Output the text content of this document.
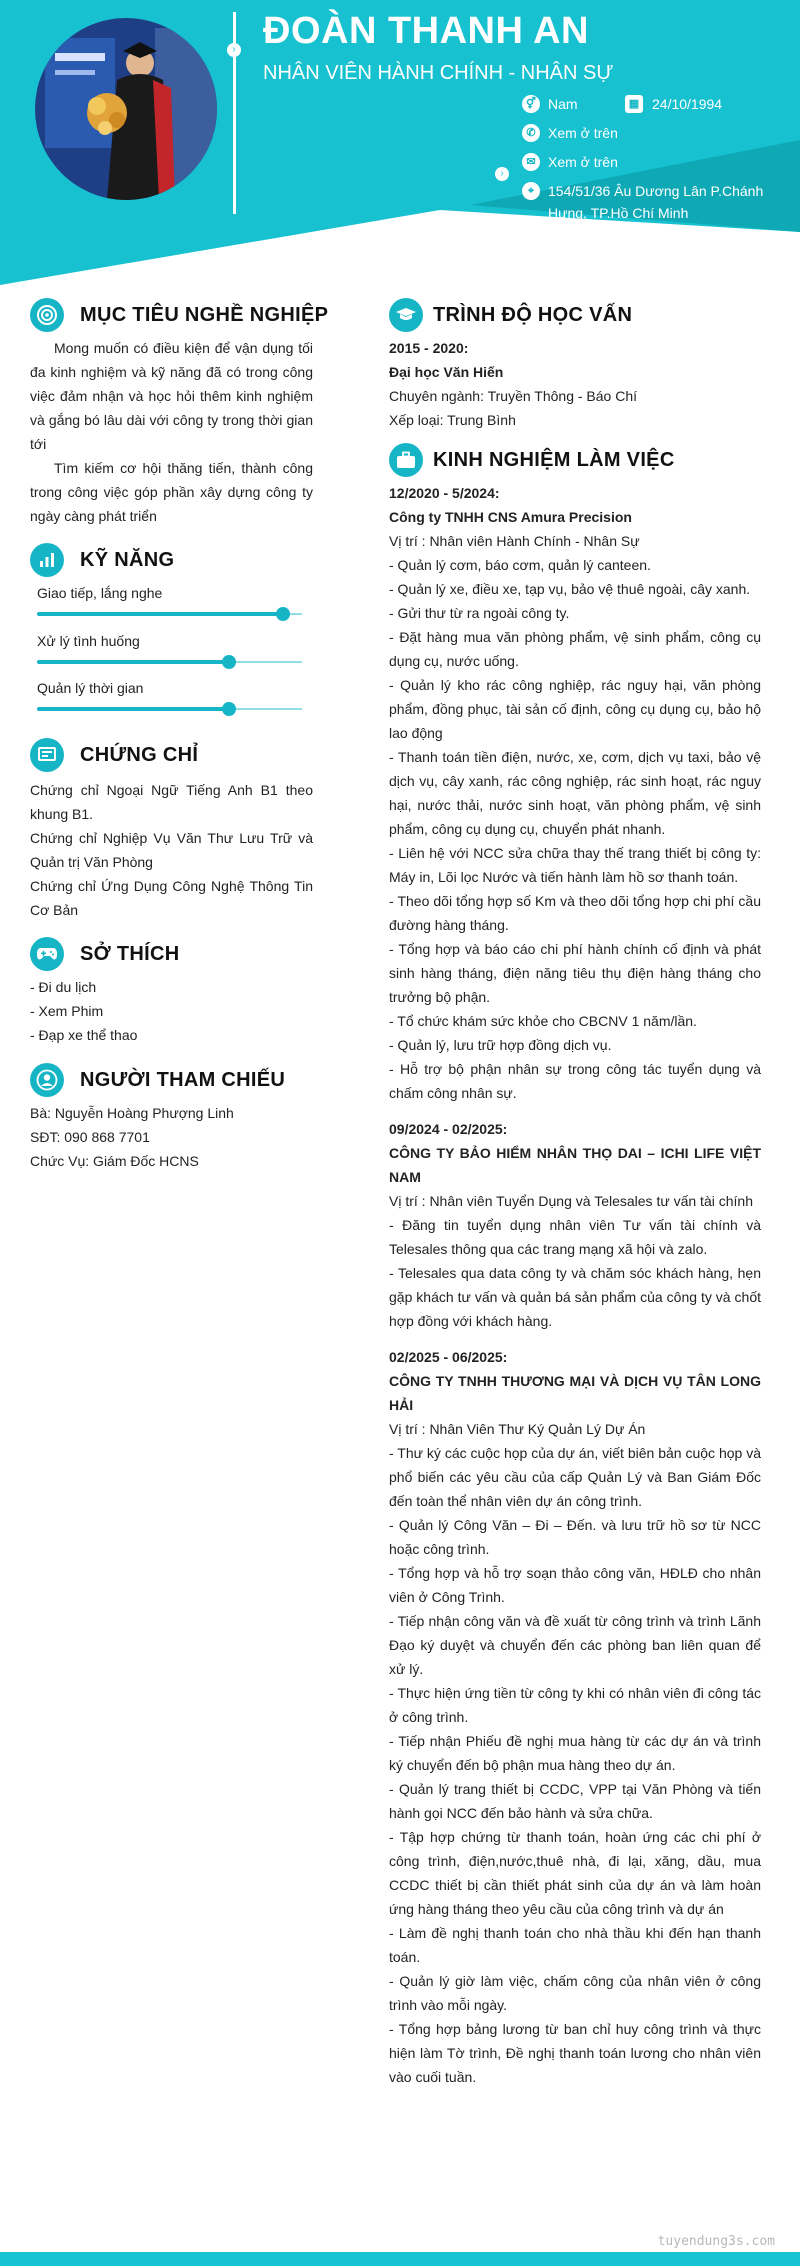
›
›
ĐOÀN THANH AN
NHÂN VIÊN HÀNH CHÍNH - NHÂN SỰ
⚥ Nam	▦ 24/10/1994
✆ Xem ở trên
✉ Xem ở trên
⌖ 154/51/36 Âu Dương Lân P.Chánh
Hưng, TP.Hồ Chí Minh
MỤC TIÊU NGHỀ NGHIỆP

Mong muốn có điều kiện để vận dụng tối đa kinh nghiệm và kỹ năng đã có trong công việc đảm nhận và học hỏi thêm kinh nghiệm và gắng bó lâu dài với công ty trong thời gian tới

Tìm kiếm cơ hội thăng tiến, thành công trong công việc góp phần xây dựng công ty ngày càng phát triển

KỸ NĂNG
Giao tiếp, lắng nghe
Xử lý tình huống
Quản lý thời gian
CHỨNG CHỈ

Chứng chỉ Ngoại Ngữ Tiếng Anh B1 theo khung B1.

Chứng chỉ Nghiệp Vụ Văn Thư Lưu Trữ và Quản trị Văn Phòng

Chứng chỉ Ứng Dụng Công Nghệ Thông Tin Cơ Bản

SỞ THÍCH

- Đi du lịch

- Xem Phim

- Đạp xe thể thao

NGƯỜI THAM CHIẾU

Bà: Nguyễn Hoàng Phượng Linh

SĐT: 090 868 7701

Chức Vụ: Giám Đốc HCNS

TRÌNH ĐỘ HỌC VẤN

2015 - 2020:

Đại học Văn Hiến

Chuyên ngành: Truyền Thông - Báo Chí

Xếp loại: Trung Bình

KINH NGHIỆM LÀM VIỆC

12/2020 - 5/2024:

Công ty TNHH CNS Amura Precision

Vị trí : Nhân viên Hành Chính - Nhân Sự

- Quản lý cơm, báo cơm, quản lý canteen.

- Quản lý xe, điều xe, tạp vụ, bảo vệ thuê ngoài, cây xanh.

- Gửi thư từ ra ngoài công ty.

- Đặt hàng mua văn phòng phẩm, vệ sinh phẩm, công cụ dụng cụ, nước uống.

- Quản lý kho rác công nghiệp, rác nguy hại, văn phòng phẩm, đồng phục, tài sản cố định, công cụ dụng cụ, bảo hộ lao động

- Thanh toán tiền điện, nước, xe, cơm, dịch vụ taxi, bảo vệ dịch vụ, cây xanh, rác công nghiệp, rác sinh hoạt, rác nguy hại, nước thải, nước sinh hoạt, văn phòng phẩm, vệ sinh phẩm, công cụ dụng cụ, chuyển phát nhanh.

- Liên hệ với NCC sửa chữa thay thế trang thiết bị công ty: Máy in, Lõi lọc Nước và tiến hành làm hồ sơ thanh toán.

- Theo dõi tổng hợp số Km và theo dõi tổng hợp chi phí cầu đường hàng tháng.

- Tổng hợp và báo cáo chi phí hành chính cố định và phát sinh hàng tháng, điện năng tiêu thụ điện hàng tháng cho trưởng bộ phận.

- Tổ chức khám sức khỏe cho CBCNV 1 năm/lần.

- Quản lý, lưu trữ hợp đồng dịch vụ.

- Hỗ trợ bộ phận nhân sự trong công tác tuyển dụng và chấm công nhân sự.

09/2024 - 02/2025:

CÔNG TY BẢO HIỂM NHÂN THỌ DAI – ICHI LIFE VIỆT NAM

Vị trí : Nhân viên Tuyển Dụng và Telesales tư vấn tài chính

- Đăng tin tuyển dụng nhân viên Tư vấn tài chính và Telesales thông qua các trang mạng xã hội và zalo.

- Telesales qua data công ty và chăm sóc khách hàng, hẹn gặp khách tư vấn và quản bá sản phẩm của công ty và chốt hợp đồng với khách hàng.

02/2025 - 06/2025:

CÔNG TY TNHH THƯƠNG MẠI VÀ DỊCH VỤ TÂN LONG HẢI

Vị trí : Nhân Viên Thư Ký Quản Lý Dự Án

- Thư ký các cuộc họp của dự án, viết biên bản cuộc họp và phổ biến các yêu cầu của cấp Quản Lý và Ban Giám Đốc đến toàn thể nhân viên dự án công trình.

- Quản lý Công Văn – Đi – Đến. và lưu trữ hồ sơ từ NCC hoặc công trình.

- Tổng hợp và hỗ trợ soạn thảo công văn, HĐLĐ cho nhân viên ở Công Trình.

- Tiếp nhận công văn và đề xuất từ công trình và trình Lãnh Đạo ký duyệt và chuyển đến các phòng ban liên quan để xử lý.

- Thực hiện ứng tiền từ công ty khi có nhân viên đi công tác ở công trình.

- Tiếp nhận Phiếu đề nghị mua hàng từ các dự án và trình ký chuyển đến bộ phận mua hàng theo dự án.

- Quản lý trang thiết bị CCDC, VPP tại Văn Phòng và tiến hành gọi NCC đến bảo hành và sửa chữa.

- Tập hợp chứng từ thanh toán, hoàn ứng các chi phí ở công trình, điện,nước,thuê nhà, đi lại, xăng, dầu, mua CCDC thiết bị cần thiết phát sinh của dự án và làm hoàn ứng hàng tháng theo yêu cầu của công trình và dự án

- Làm đề nghị thanh toán cho nhà thầu khi đến hạn thanh toán.

- Quản lý giờ làm việc, chấm công của nhân viên ở công trình vào mỗi ngày.

- Tổng hợp bảng lương từ ban chỉ huy công trình và thực hiện làm Tờ trình, Đề nghị thanh toán lương cho nhân viên vào cuối tuần.

tuyendung3s.com
